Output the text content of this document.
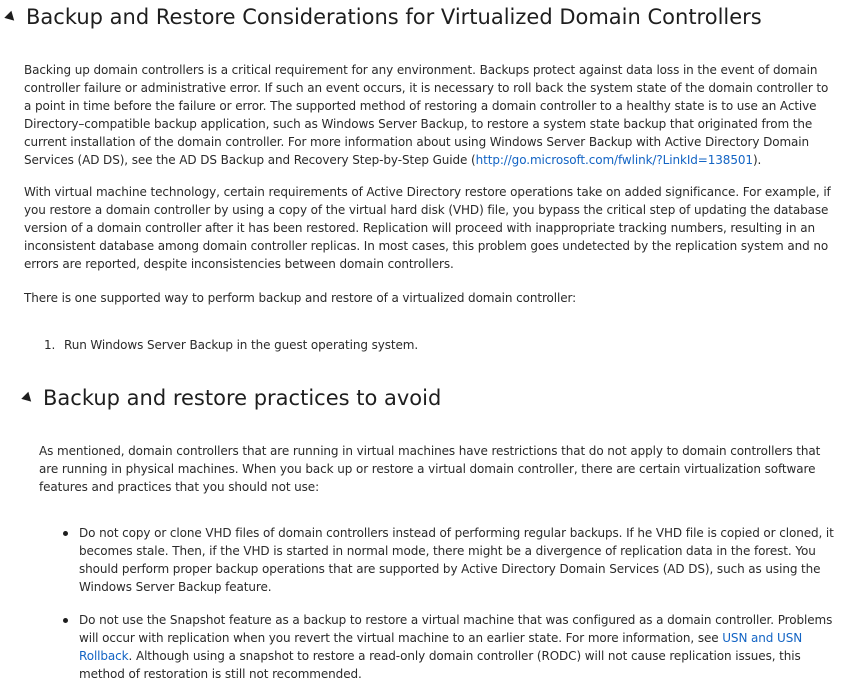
Backup and Restore Considerations for Virtualized Domain Controllers

Backing up domain controllers is a critical requirement for any environment. Backups protect against data loss in the event of domain controller failure or administrative error. If such an event occurs, it is necessary to roll back the system state of the domain controller to a point in time before the failure or error. The supported method of restoring a domain controller to a healthy state is to use an Active Directory–compatible backup application, such as Windows Server Backup, to restore a system state backup that originated from the current installation of the domain controller. For more information about using Windows Server Backup with Active Directory Domain Services (AD DS), see the AD DS Backup and Recovery Step-by-Step Guide (http://go.microsoft.com/fwlink/?LinkId=138501).

With virtual machine technology, certain requirements of Active Directory restore operations take on added significance. For example, if you restore a domain controller by using a copy of the virtual hard disk (VHD) file, you bypass the critical step of updating the database version of a domain controller after it has been restored. Replication will proceed with inappropriate tracking numbers, resulting in an inconsistent database among domain controller replicas. In most cases, this problem goes undetected by the replication system and no errors are reported, despite inconsistencies between domain controllers.

There is one supported way to perform backup and restore of a virtualized domain controller:

1. Run Windows Server Backup in the guest operating system.
Backup and restore practices to avoid

As mentioned, domain controllers that are running in virtual machines have restrictions that do not apply to domain controllers that are running in physical machines. When you back up or restore a virtual domain controller, there are certain virtualization software features and practices that you should not use:

Do not copy or clone VHD files of domain controllers instead of performing regular backups. If he VHD file is copied or cloned, it becomes stale. Then, if the VHD is started in normal mode, there might be a divergence of replication data in the forest. You should perform proper backup operations that are supported by Active Directory Domain Services (AD DS), such as using the Windows Server Backup feature.
Do not use the Snapshot feature as a backup to restore a virtual machine that was configured as a domain controller. Problems will occur with replication when you revert the virtual machine to an earlier state. For more information, see USN and USN Rollback. Although using a snapshot to restore a read-only domain controller (RODC) will not cause replication issues, this method of restoration is still not recommended.
